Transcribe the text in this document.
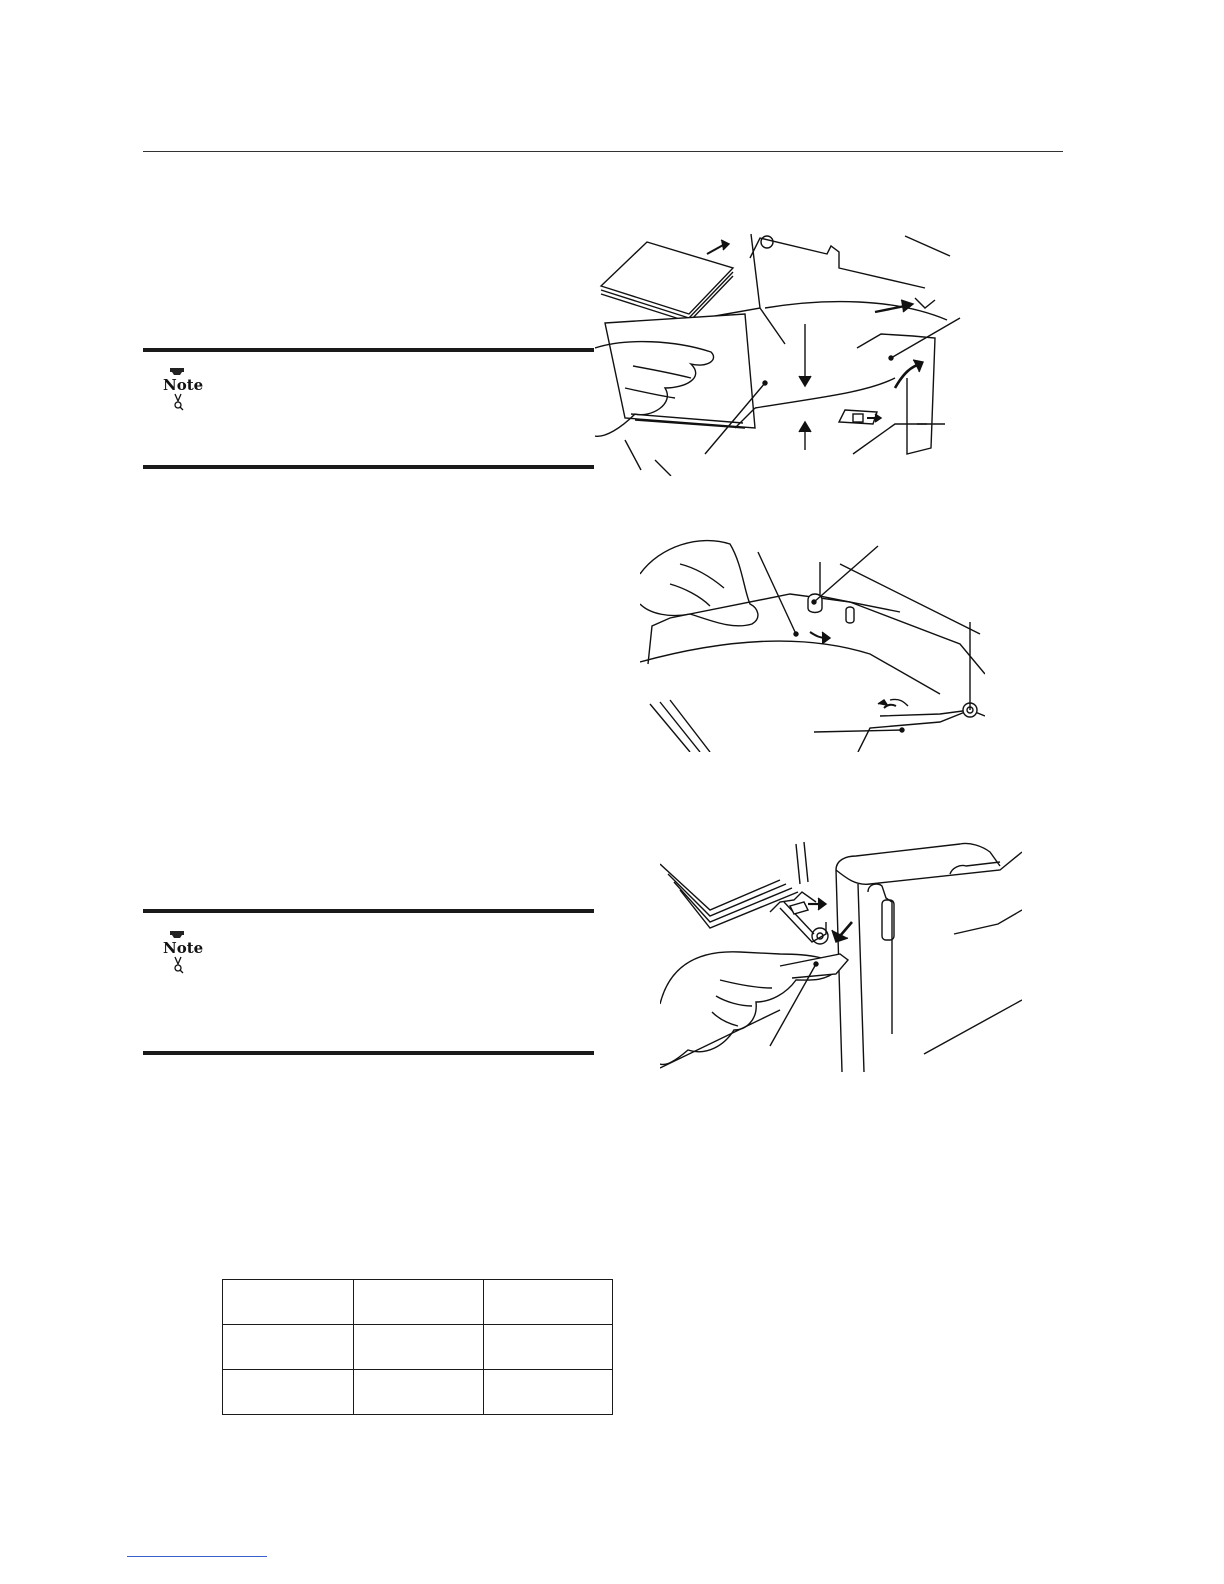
Note
Note
